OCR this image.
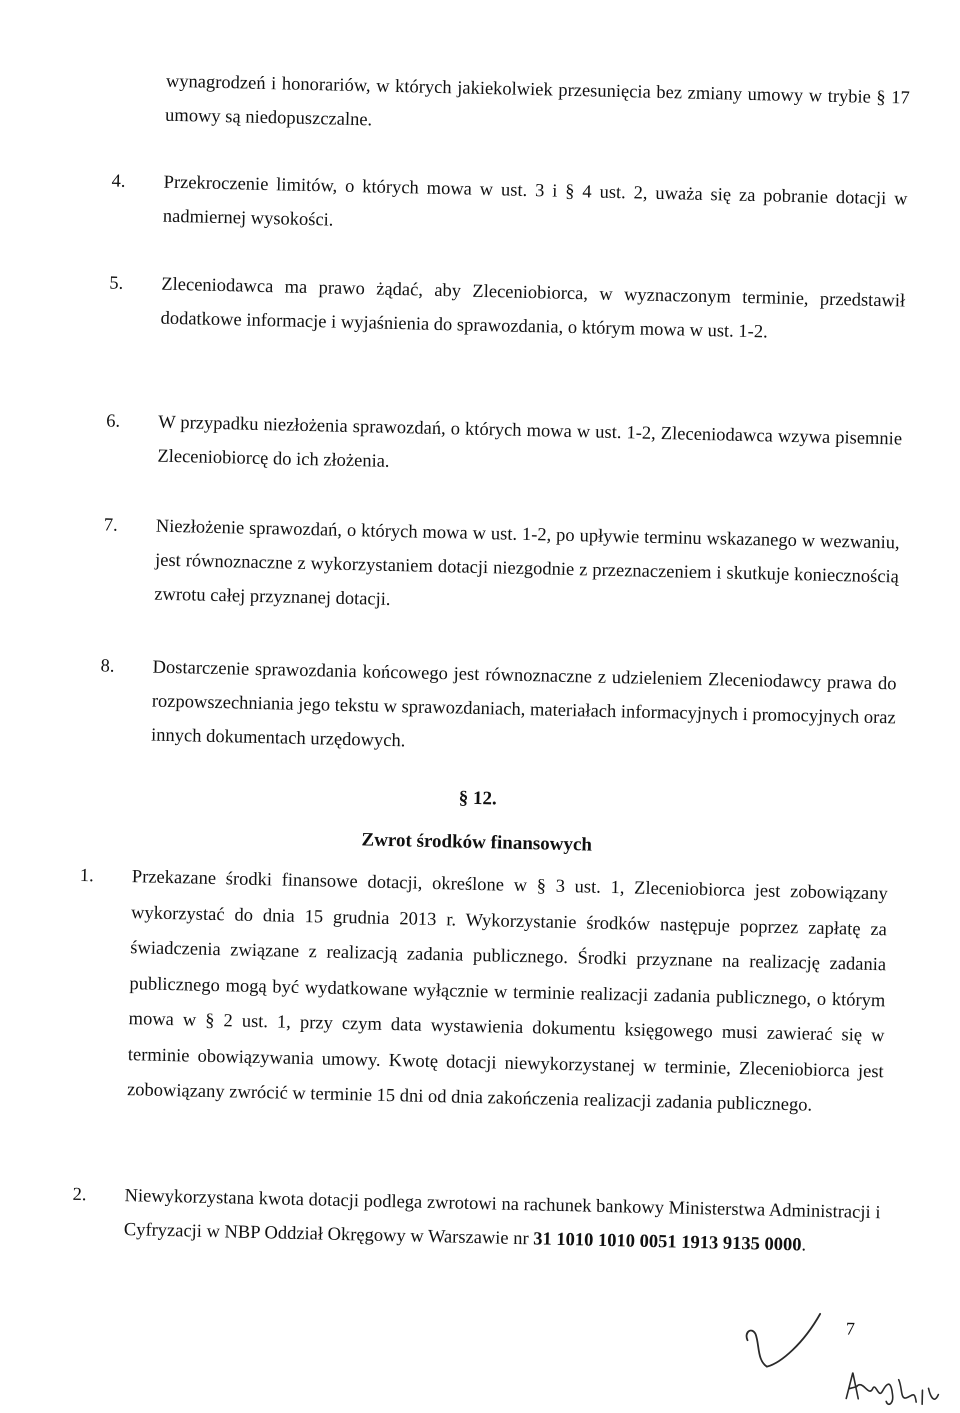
wynagrodzeń i honorariów, w których jakiekolwiek przesunięcia bez zmiany umowy w trybie § 17 umowy są niedopuszczalne.

4. Przekroczenie limitów, o których mowa w ust. 3 i § 4 ust. 2, uważa się za pobranie dotacji w nadmiernej wysokości.
5. Zleceniodawca ma prawo żądać, aby Zleceniobiorca, w wyznaczonym terminie, przedstawił dodatkowe informacje i wyjaśnienia do sprawozdania, o którym mowa w ust. 1-2.
6. W przypadku niezłożenia sprawozdań, o których mowa w ust. 1-2, Zleceniodawca wzywa pisemnie Zleceniobiorcę do ich złożenia.
7. Niezłożenie sprawozdań, o których mowa w ust. 1-2, po upływie terminu wskazanego w wezwaniu, jest równoznaczne z wykorzystaniem dotacji niezgodnie z przeznaczeniem i skutkuje koniecznością zwrotu całej przyznanej dotacji.
8. Dostarczenie sprawozdania końcowego jest równoznaczne z udzieleniem Zleceniodawcy prawa do rozpowszechniania jego tekstu w sprawozdaniach, materiałach informacyjnych i promocyjnych oraz innych dokumentach urzędowych.
§ 12.
Zwrot środków finansowych
1. Przekazane środki finansowe dotacji, określone w § 3 ust. 1, Zleceniobiorca jest zobowiązany wykorzystać do dnia 15 grudnia 2013 r. Wykorzystanie środków następuje poprzez zapłatę za świadczenia związane z realizacją zadania publicznego. Środki przyznane na realizację zadania publicznego mogą być wydatkowane wyłącznie w terminie realizacji zadania publicznego, o którym mowa w § 2 ust. 1, przy czym data wystawienia dokumentu księgowego musi zawierać się w terminie obowiązywania umowy. Kwotę dotacji niewykorzystanej w terminie, Zleceniobiorca jest zobowiązany zwrócić w terminie 15 dni od dnia zakończenia realizacji zadania publicznego.
2. Niewykorzystana kwota dotacji podlega zwrotowi na rachunek bankowy Ministerstwa Administracji i Cyfryzacji w NBP Oddział Okręgowy w Warszawie nr 31 1010 1010 0051 1913 9135 0000.
7
